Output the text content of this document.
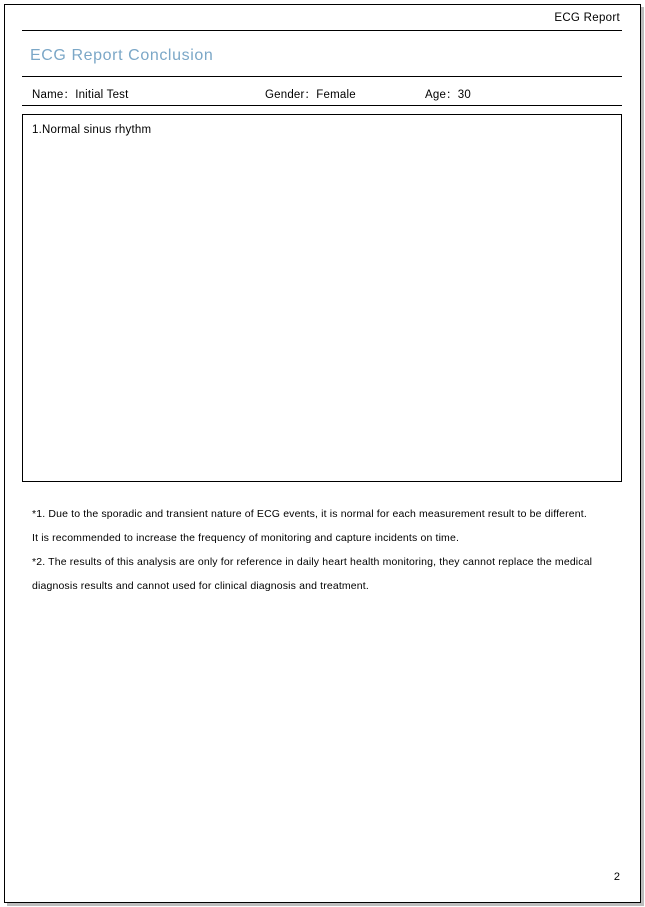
ECG Report
ECG Report Conclusion
Name：Initial Test	Gender：Female	Age：30
1.Normal sinus rhythm
*1. Due to the sporadic and transient nature of ECG events, it is normal for each measurement result to be different.
It is recommended to increase the frequency of monitoring and capture incidents on time.
*2. The results of this analysis are only for reference in daily heart health monitoring, they cannot replace the medical
diagnosis results and cannot used for clinical diagnosis and treatment.
2
